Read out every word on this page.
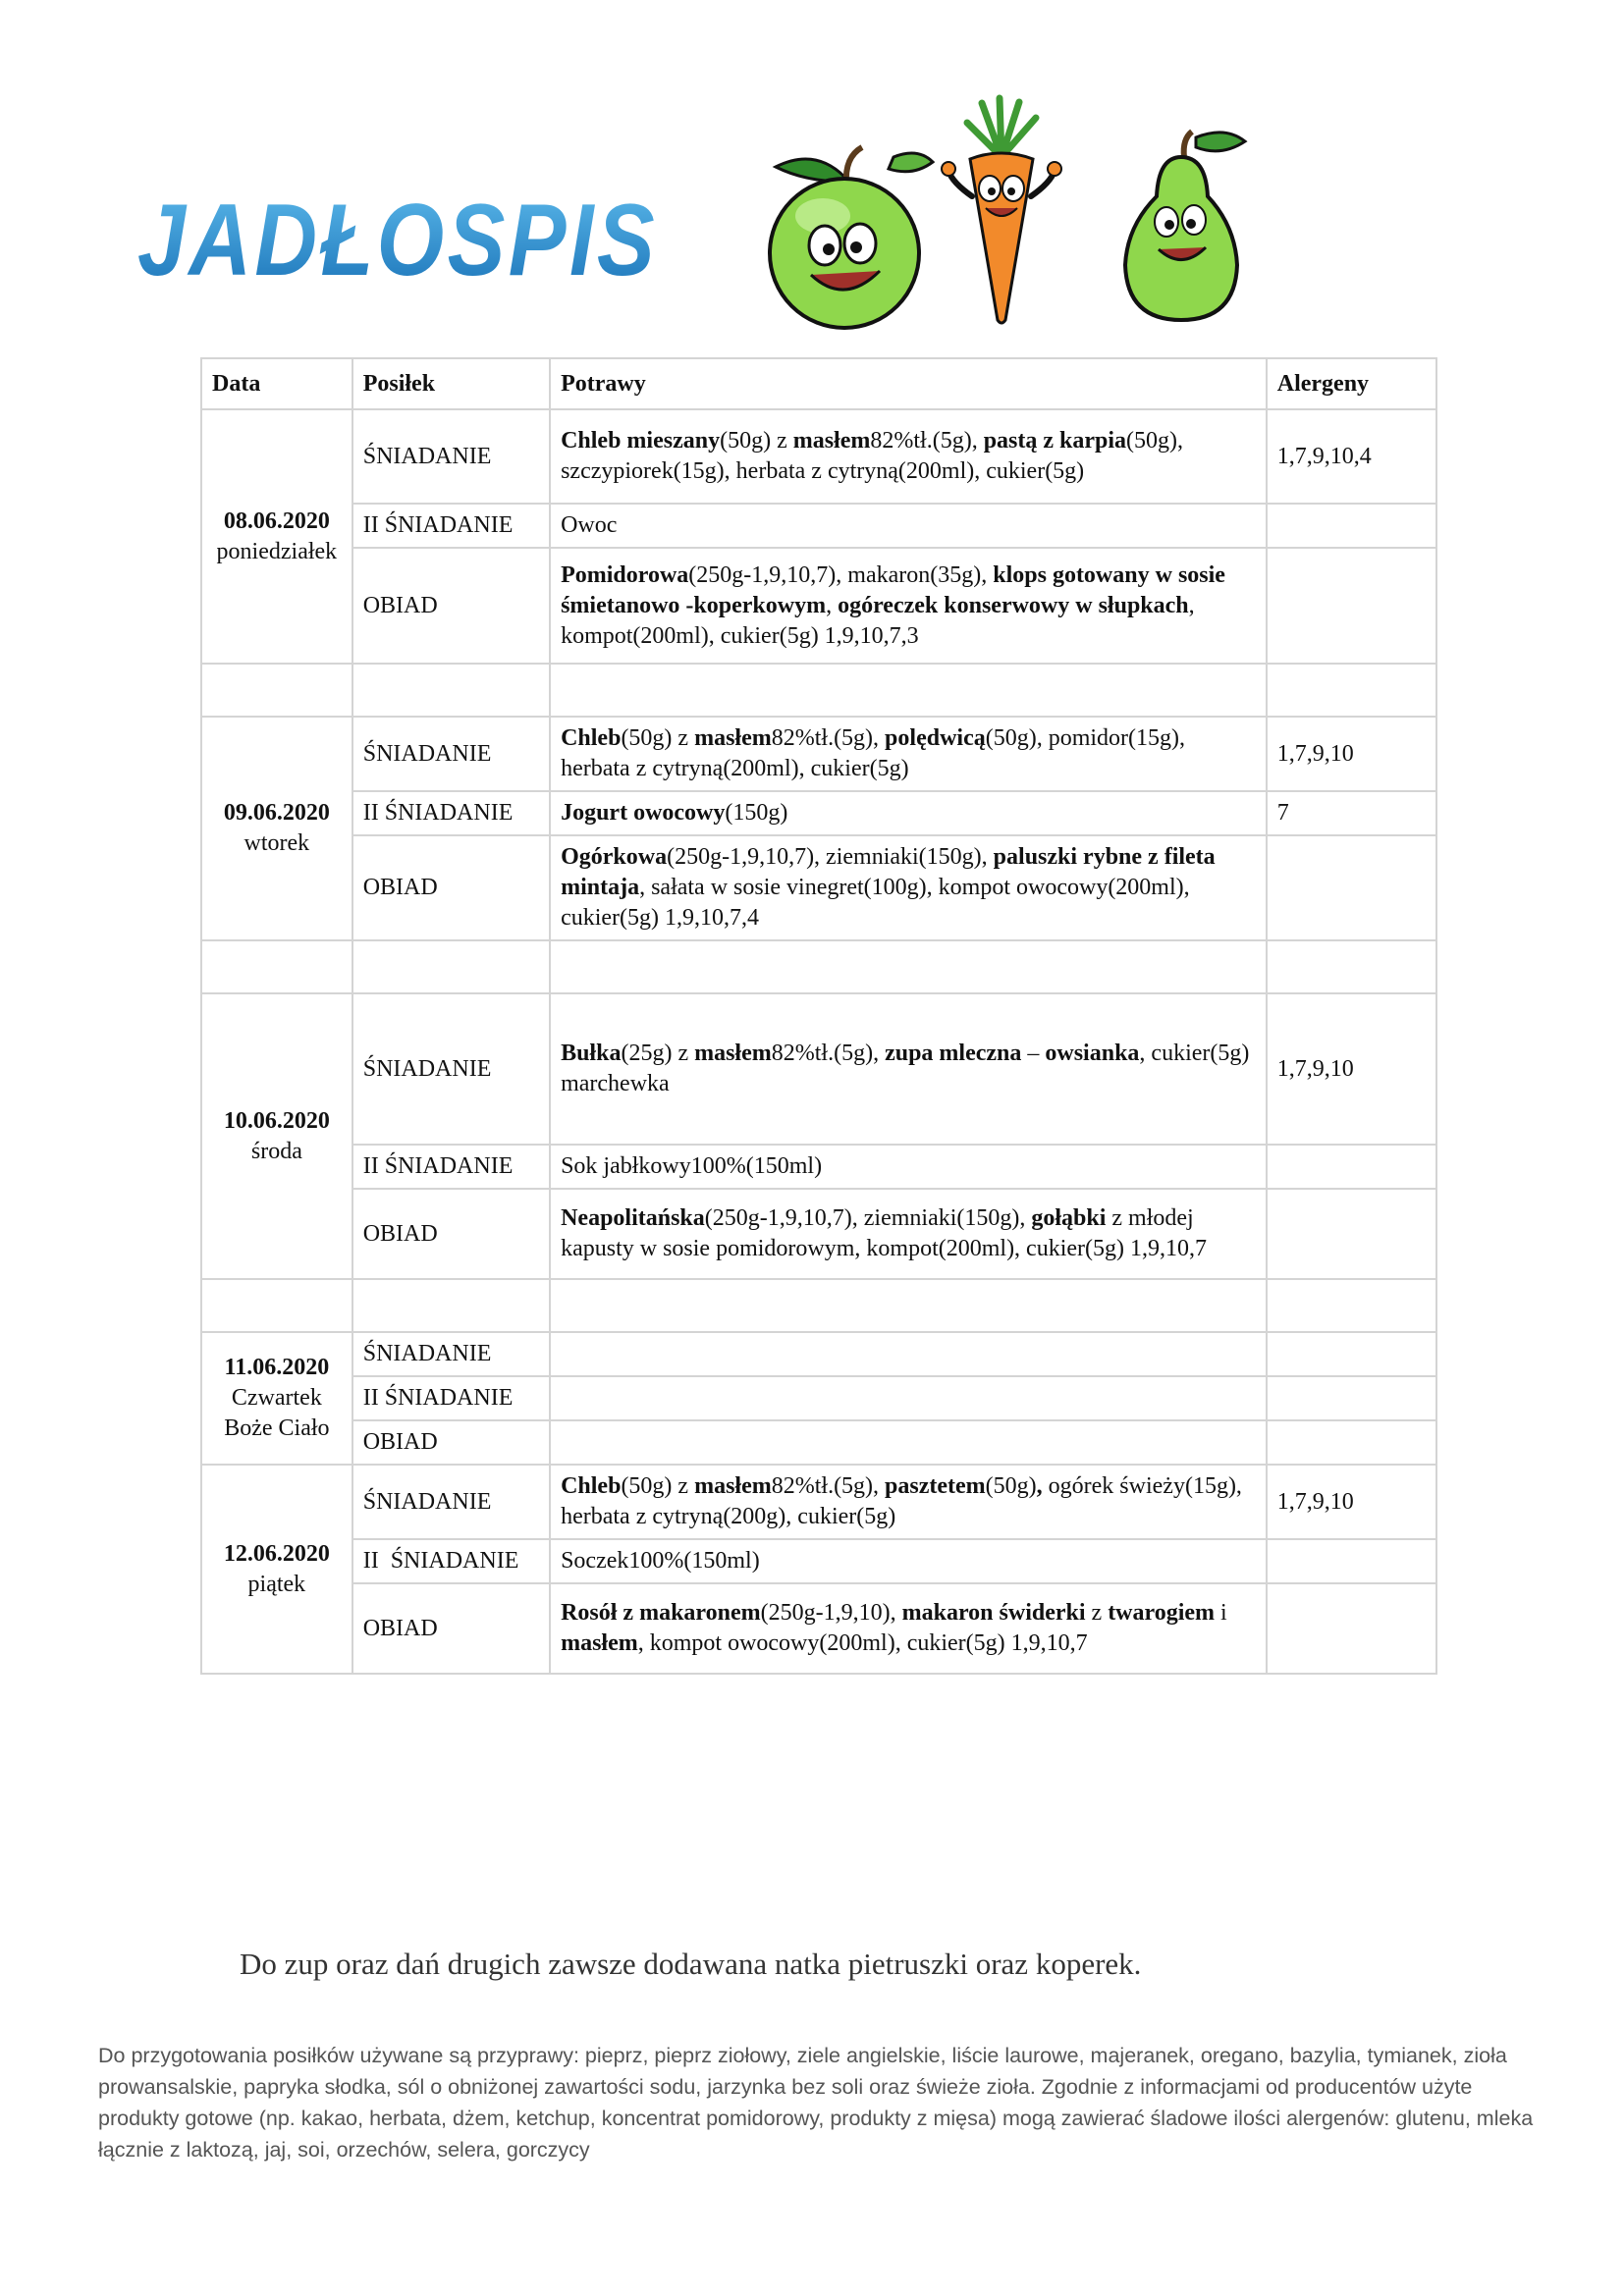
JADŁOSPIS
Data	Posiłek	Potrawy	Alergeny

08.06.2020
poniedziałek	ŚNIADANIE	Chleb mieszany(50g) z masłem82%tł.(5g), pastą z karpia(50g), szczypiorek(15g), herbata z cytryną(200ml), cukier(5g)	1,7,9,10,4
	II ŚNIADANIE	Owoc	
	OBIAD	Pomidorowa(250g-1,9,10,7), makaron(35g), klops gotowany w sosie śmietanowo -koperkowym, ogóreczek konserwowy w słupkach, kompot(200ml), cukier(5g) 1,9,10,7,3	

09.06.2020
wtorek	ŚNIADANIE	Chleb(50g) z masłem82%tł.(5g), polędwicą(50g), pomidor(15g), herbata z cytryną(200ml), cukier(5g)	1,7,9,10
	II ŚNIADANIE	Jogurt owocowy(150g)	7
	OBIAD	Ogórkowa(250g-1,9,10,7), ziemniaki(150g), paluszki rybne z fileta mintaja, sałata w sosie vinegret(100g), kompot owocowy(200ml), cukier(5g) 1,9,10,7,4	

10.06.2020
środa	ŚNIADANIE	Bułka(25g) z masłem82%tł.(5g), zupa mleczna – owsianka, cukier(5g) marchewka	1,7,9,10
	II ŚNIADANIE	Sok jabłkowy100%(150ml)	
	OBIAD	Neapolitańska(250g-1,9,10,7), ziemniaki(150g), gołąbki z młodej kapusty w sosie pomidorowym, kompot(200ml), cukier(5g) 1,9,10,7	

11.06.2020
Czwartek
Boże Ciało	ŚNIADANIE		
	II ŚNIADANIE		
	OBIAD		

12.06.2020
piątek	ŚNIADANIE	Chleb(50g) z masłem82%tł.(5g), pasztetem(50g), ogórek świeży(15g), herbata z cytryną(200g), cukier(5g)	1,7,9,10
	II  ŚNIADANIE	Soczek100%(150ml)	
	OBIAD	Rosół z makaronem(250g-1,9,10), makaron świderki z twarogiem i masłem, kompot owocowy(200ml), cukier(5g) 1,9,10,7	
Do zup oraz dań drugich zawsze dodawana natka pietruszki oraz koperek.
Do przygotowania posiłków używane są przyprawy: pieprz, pieprz ziołowy, ziele angielskie, liście laurowe, majeranek, oregano, bazylia, tymianek, zioła prowansalskie, papryka słodka, sól o obniżonej zawartości sodu, jarzynka bez soli oraz świeże zioła. Zgodnie z informacjami od producentów użyte produkty gotowe (np. kakao, herbata, dżem, ketchup, koncentrat pomidorowy, produkty z mięsa) mogą zawierać śladowe ilości alergenów: glutenu, mleka łącznie z laktozą, jaj, soi, orzechów, selera, gorczycy
